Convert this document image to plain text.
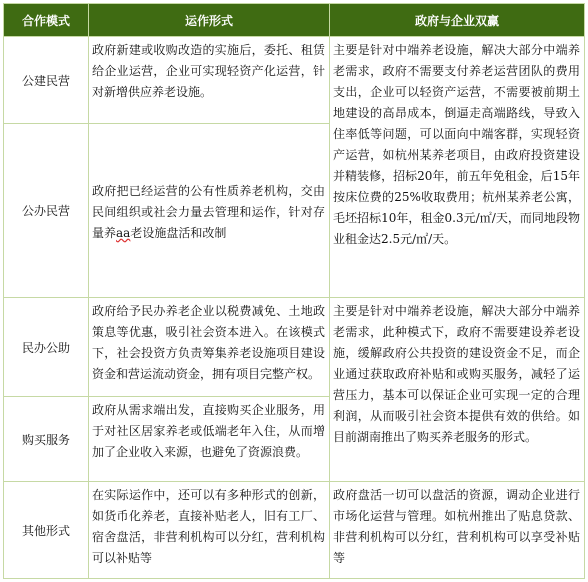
合作模式	运作形式	政府与企业双赢
公建民营
政府新建或收购改造的实施后，委托、租赁给企业运营，企业可实现轻资产化运营，针对新增供应养老设施。
公办民营
政府把已经运营的公有性质养老机构，交由民间组织或社会力量去管理和运作，针对存量养aa老设施盘活和改制
主要是针对中端养老设施，解决大部分中端养老需求，政府不需要支付养老运营团队的费用支出，企业可以轻资产运营，不需要被前期土地建设的高昂成本，倒逼走高端路线，导致入住率低等问题，可以面向中端客群，实现轻资产运营，如杭州某养老项目，由政府投资建设并精装修，招标20年，前五年免租金，后15年按床位费的25%收取费用；杭州某养老公寓，毛坯招标10年，租金0.3元/㎡/天，而同地段物业租金达2.5元/㎡/天。
民办公助
政府给予民办养老企业以税费减免、土地政策息等优惠，吸引社会资本进入。在该模式下，社会投资方负责筹集养老设施项目建设资金和营运流动资金，拥有项目完整产权。
购买服务
政府从需求端出发，直接购买企业服务，用于对社区居家养老或低端老年入住，从而增加了企业收入来源，也避免了资源浪费。
主要是针对中端养老设施，解决大部分中端养老需求，此种模式下，政府不需要建设养老设施，缓解政府公共投资的建设资金不足，而企业通过获取政府补贴和或购买服务，减轻了运营压力，基本可以保证企业可实现一定的合理利润，从而吸引社会资本提供有效的供给。如目前湖南推出了购买养老服务的形式。
其他形式
在实际运作中，还可以有多种形式的创新，如货币化养老，直接补贴老人，旧有工厂、宿舍盘活，非营利机构可以分红，营利机构可以补贴等
政府盘活一切可以盘活的资源，调动企业进行市场化运营与管理。如杭州推出了贴息贷款、非营利机构可以分红，营利机构可以享受补贴等
